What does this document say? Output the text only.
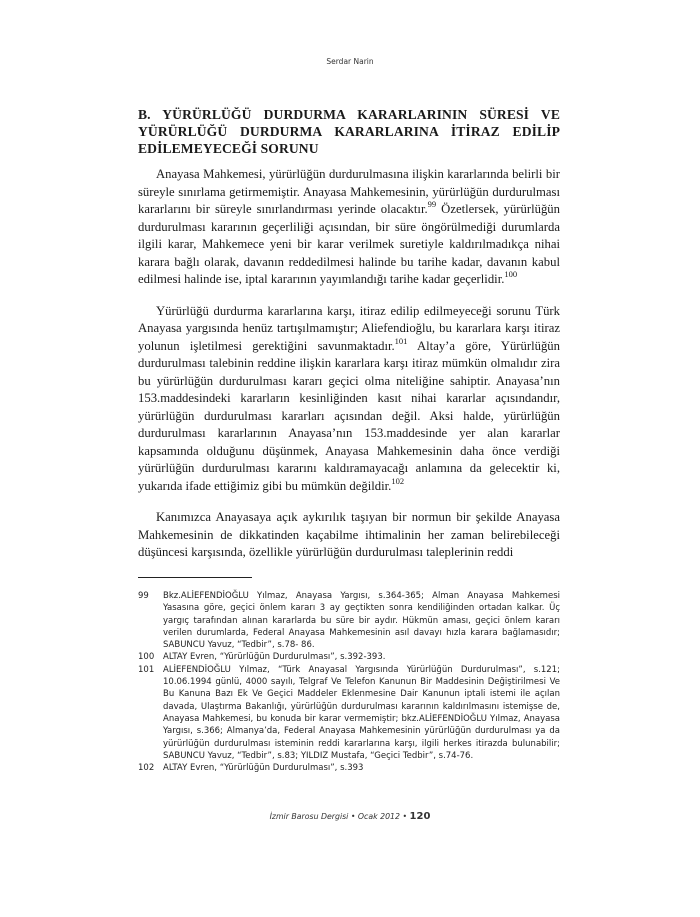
Serdar Narin
B. YÜRÜRLÜĞÜ DURDURMA KARARLARININ SÜRESİ VE YÜRÜRLÜĞÜ DURDURMA KARARLARINA İTİRAZ EDİLİP EDİLEMEYECEĞİ SORUNU

Anayasa Mahkemesi, yürürlüğün durdurulmasına ilişkin kararlarında belirli bir süreyle sınırlama getirmemiştir. Anayasa Mahkemesinin, yürürlüğün durdurulması kararlarını bir süreyle sınırlandırması yerinde olacaktır.$^{99}$ Özetlersek, yürürlüğün durdurulması kararının geçerliliği açısından, bir süre öngörülmediği durumlarda ilgili karar, Mahkemece yeni bir karar verilmek suretiyle kaldırılmadıkça nihai karara bağlı olarak, davanın reddedilmesi halinde bu tarihe kadar, davanın kabul edilmesi halinde ise, iptal kararının yayımlandığı tarihe kadar geçerlidir.$^{100}$

Yürürlüğü durdurma kararlarına karşı, itiraz edilip edilmeyeceği sorunu Türk Anayasa yargısında henüz tartışılmamıştır; Aliefendioğlu, bu kararlara karşı itiraz yolunun işletilmesi gerektiğini savunmaktadır.$^{101}$ Altay’a göre, Yürürlüğün durdurulması talebinin reddine ilişkin kararlara karşı itiraz mümkün olmalıdır zira bu yürürlüğün durdurulması kararı geçici olma niteliğine sahiptir. Anayasa’nın 153.maddesindeki kararların kesinliğinden kasıt nihai kararlar açısındandır, yürürlüğün durdurulması kararları açısından değil. Aksi halde, yürürlüğün durdurulması kararlarının Anayasa’nın 153.maddesinde yer alan kararlar kapsamında olduğunu düşünmek, Anayasa Mahkemesinin daha önce verdiği yürürlüğün durdurulması kararını kaldıramayacağı anlamına da gelecektir ki, yukarıda ifade ettiğimiz gibi bu mümkün değildir.$^{102}$

Kanımızca Anayasaya açık aykırılık taşıyan bir normun bir şekilde Anayasa Mahkemesinin de dikkatinden kaçabilme ihtimalinin her zaman belirebileceği düşüncesi karşısında, özellikle yürürlüğün durdurulması taleplerinin reddi

99	Bkz.ALİEFENDİOĞLU Yılmaz, Anayasa Yargısı, s.364-365; Alman Anayasa Mahkemesi Yasasına göre, geçici önlem kararı 3 ay geçtikten sonra kendiliğinden ortadan kalkar. Üç yargıç tarafından alınan kararlarda bu süre bir aydır. Hükmün aması, geçici önlem kararı verilen durumlarda, Federal Anayasa Mahkemesinin asıl davayı hızla karara bağlamasıdır; SABUNCU Yavuz, “Tedbir”, s.78- 86.
100	ALTAY Evren, “Yürürlüğün Durdurulması”, s.392-393.
101	ALİEFENDİOĞLU Yılmaz, “Türk Anayasal Yargısında Yürürlüğün Durdurulması”, s.121; 10.06.1994 günlü, 4000 sayılı, Telgraf Ve Telefon Kanunun Bir Maddesinin Değiştirilmesi Ve Bu Kanuna Bazı Ek Ve Geçici Maddeler Eklenmesine Dair Kanunun iptali istemi ile açılan davada, Ulaştırma Bakanlığı, yürürlüğün durdurulması kararının kaldırılmasını istemişse de, Anayasa Mahkemesi, bu konuda bir karar vermemiştir; bkz.ALİEFENDİOĞLU Yılmaz, Anayasa Yargısı, s.366; Almanya’da, Federal Anayasa Mahkemesinin yürürlüğün durdurulması ya da yürürlüğün durdurulması isteminin reddi kararlarına karşı, ilgili herkes itirazda bulunabilir; SABUNCU Yavuz, “Tedbir”, s.83; YILDIZ Mustafa, “Geçici Tedbir”, s.74-76.
102	ALTAY Evren, “Yürürlüğün Durdurulması”, s.393
İzmir Barosu Dergisi • Ocak 2012 • 120
